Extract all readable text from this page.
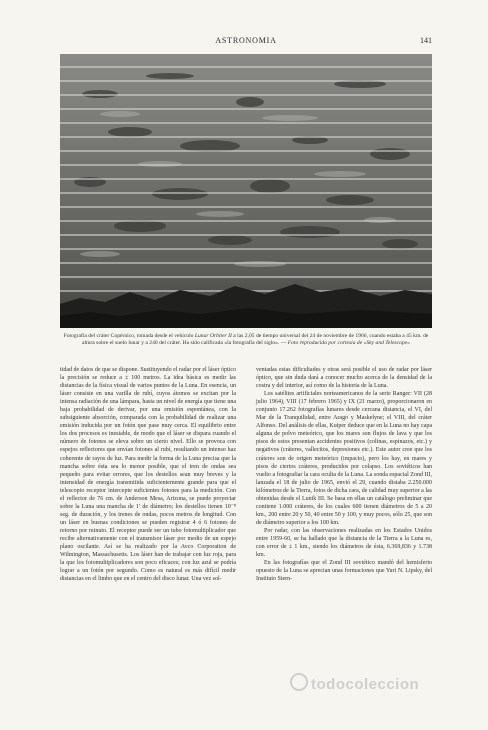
ASTRONOMIA	141
Fotografía del cráter Copérnico, tomada desde el vehículo Lunar Orbiter II a las 2,05 de tiempo universal del 24 de noviembre de 1966, cuando estaba a 45 km. de altura sobre el suelo lunar y a 240 del cráter. Ha sido calificada «la fotografía del siglo». — Foto reproducida por cortesía de «Sky and Telescope»

tidad de datos de que se dispone. Sustituyendo el radar por el láser óptico la precisión se reduce a ± 100 metros. La idea básica es medir las distancias de la física visual de varios puntos de la Luna. En esencia, un láser consiste en una varilla de rubí, cuyos átomos se excitan por la intensa radiación de una lámpara, hasta un nivel de energía que tiene una baja probabilidad de derivar, por una emisión espontánea, con la subsiguiente absorción, comparada con la probabilidad de realizar una emisión inducida por un fotón que pase muy cerca. El equilibrio entre los dos procesos es inestable, de modo que el láser se dispara cuando el número de fotones se eleva sobre un cierto nivel. Ello se provoca con espejos reflectores que envían fotones al rubí, resultando un intenso haz coherente de rayos de luz. Para medir la forma de la Luna precisa que la mancha sobre ésta sea lo menor posible, que el tren de ondas sea pequeño para evitar errores, que los destellos sean muy breves y la intensidad de energía transmitida suficientemente grande para que el telescopio receptor intercepte suficientes fotones para la medición. Con el reflector de 76 cm. de Anderson Mesa, Arizona, se puede proyectar sobre la Luna una mancha de 1′ de diámetro; los destellos tienen 10⁻⁸ seg. de duración, y los trenes de ondas, pocos metros de longitud. Con un láser en buenas condiciones se pueden registrar 4 ó 6 fotones de retorno por minuto. El receptor puede ser un tubo fotomultiplicador que recibe alternativamente con el transmisor láser por medio de un espejo plano oscilante. Así se ha realizado por la Avco Corporation de Wilmington, Massachusetts. Los láser han de trabajar con luz roja, para la que los fotomultiplicadores son poco eficaces; con luz azul se podría lograr a un fotón por segundo. Como es natural es más difícil medir distancias en el limbo que en el centro del disco lunar. Una vez sol-

ventadas estas dificultades y otras será posible el uso de radar por láser óptico, que sin duda dará a conocer mucho acerca de la densidad de la costra y del interior, así como de la historia de la Luna.

Los satélites artificiales norteamericanos de la serie Ranger: VII (28 julio 1964), VIII (17 febrero 1965) y IX (21 marzo), proporcionaron en conjunto 17.262 fotografías lunares desde cercana distancia, el VI, del Mar de la Tranquilidad, entre Arago y Maskelyne; el VIII, del cráter Alfonso. Del análisis de ellas, Kuiper deduce que en la Luna no hay capa alguna de polvo meteórico, que los mares son flujos de lava y que los pisos de estos presentan accidentes positivos (colinas, espinazos, etc.) y negativos (cráteres, vallecitos, depresiones etc.). Este autor cree que los cráteres son de origen meteórico (impacto), pero los hay, en mares y pisos de ciertos cráteres, producidos por colapso. Los soviéticos han vuelto a fotografiar la cara oculta de la Luna. La sonda espacial Zond III, lanzada el 18 de julio de 1965, envió el 29, cuando distaba 2.250.000 kilómetros de la Tierra, fotos de dicha cara, de calidad muy superior a las obtenidas desde el Lunik III. Se basa en ellas un catálogo preliminar que contiene 1.000 cráteres, de los cuales 600 tienen diámetros de 5 a 20 km., 200 entre 20 y 50, 40 entre 50 y 100, y muy pocos, sólo 25, que son de diámetro superior a los 100 km.

Por radar, con las observaciones realizadas en los Estados Unidos entre 1959-60, se ha hallado que la distancia de la Tierra a la Luna es, con error de ± 1 km., siendo los diámetros de ésta, 6.369,836 y 1.738 km.

En las fotografías que el Zond III soviético mandó del hemisferio opuesto de la Luna se aprecian unas formaciones que Yuri N. Lipsky, del Instituto Stern-

todocoleccion
